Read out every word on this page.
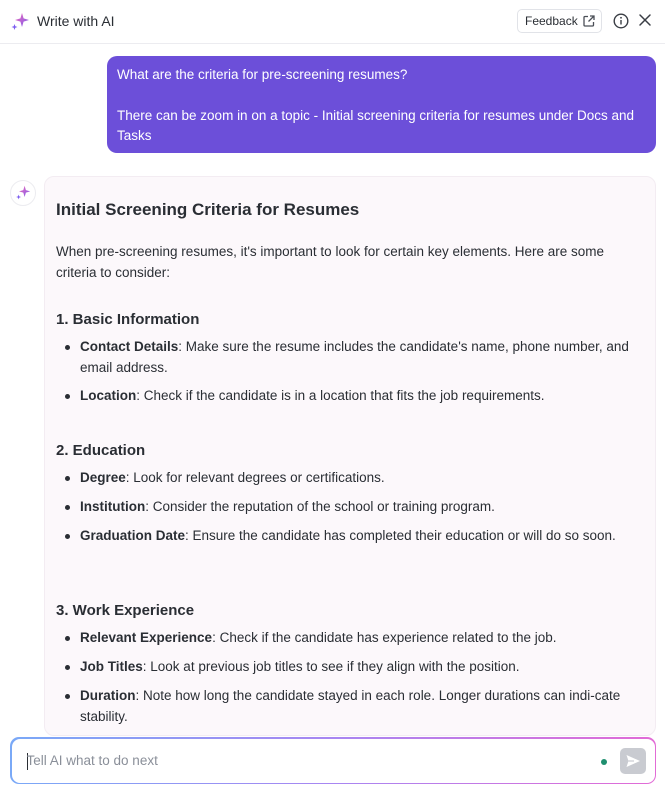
Write with AI	Feedback

What are the criteria for pre-screening resumes?

There can be zoom in on a topic - Initial screening criteria for resumes under Docs and Tasks

Initial Screening Criteria for Resumes
When pre-screening resumes, it's important to look for certain key elements. Here are some criteria to consider:
1. Basic Information
Contact Details: Make sure the resume includes the candidate's name, phone number, and email address.
Location: Check if the candidate is in a location that fits the job requirements.
2. Education
Degree: Look for relevant degrees or certifications.
Institution: Consider the reputation of the school or training program.
Graduation Date: Ensure the candidate has completed their education or will do so soon.
3. Work Experience
Relevant Experience: Check if the candidate has experience related to the job.
Job Titles: Look at previous job titles to see if they align with the position.
Duration: Note how long the candidate stayed in each role. Longer durations can indi-cate stability.
Tell AI what to do next
